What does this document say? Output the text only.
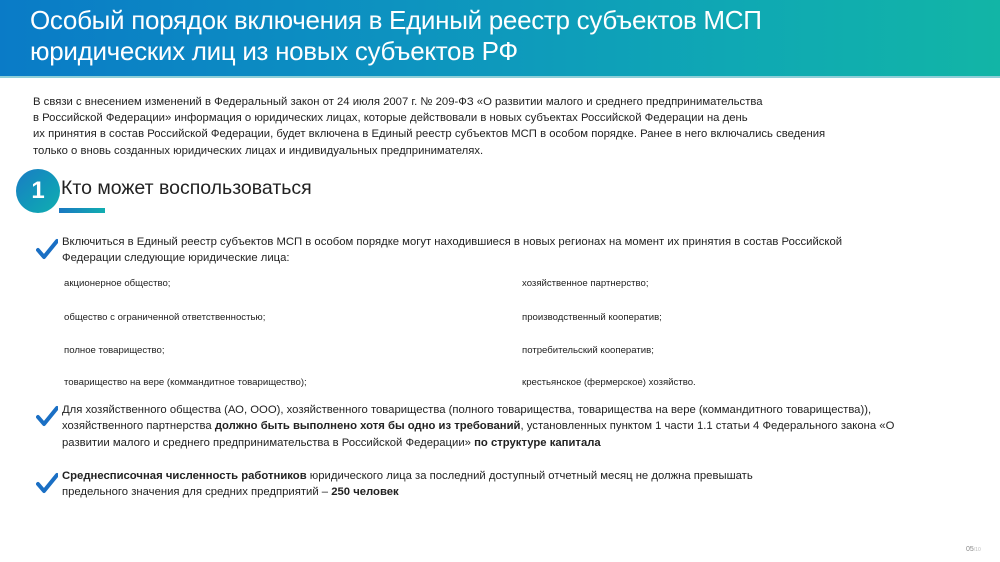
Особый порядок включения в Единый реестр субъектов МСП
юридических лиц из новых субъектов РФ
В связи с внесением изменений в Федеральный закон от 24 июля 2007 г. № 209-ФЗ «О развитии малого и среднего предпринимательства
в Российской Федерации» информация о юридических лицах, которые действовали в новых субъектах Российской Федерации на день
их принятия в состав Российской Федерации, будет включена в Единый реестр субъектов МСП в особом порядке. Ранее в него включались сведения
только о вновь созданных юридических лицах и индивидуальных предпринимателях.
1 Кто может воспользоваться
Включиться в Единый реестр субъектов МСП в особом порядке могут находившиеся в новых регионах на момент их принятия в состав Российской
Федерации следующие юридические лица:
акционерное общество;
общество с ограниченной ответственностью;
полное товарищество;
товарищество на вере (коммандитное товарищество);
хозяйственное партнерство;
производственный кооператив;
потребительский кооператив;
крестьянское (фермерское) хозяйство.
Для хозяйственного общества (АО, ООО), хозяйственного товарищества (полного товарищества, товарищества на вере (коммандитного товарищества)),
хозяйственного партнерства должно быть выполнено хотя бы одно из требований, установленных пунктом 1 части 1.1 статьи 4 Федерального закона «О
развитии малого и среднего предпринимательства в Российской Федерации» по структуре капитала
Среднесписочная численность работников юридического лица за последний доступный отчетный месяц не должна превышать
предельного значения для средних предприятий – 250 человек
05/10
